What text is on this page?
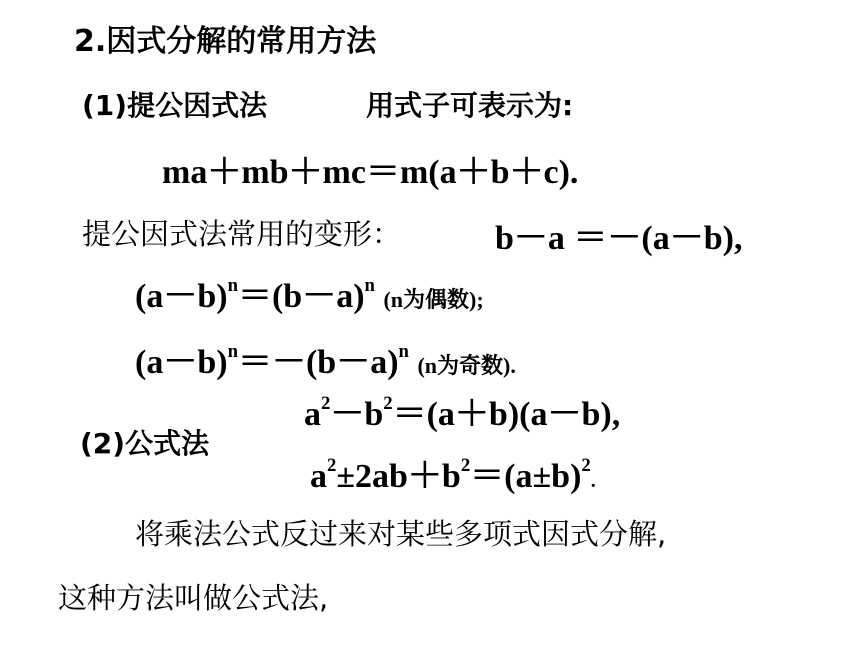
2.因式分解的常用方法
(1)提公因式法	用式子可表示为:
ma＋mb＋mc＝m(a＋b＋c).
提公因式法常用的变形：	b－a ＝－(a－b),
$(a-b)^n=(b-a)^n$ (n为偶数);
$(a-b)^n=-(b-a)^n$ (n为奇数).
$a^2-b^2=(a+b)(a-b)$,
(2)公式法
$a^2\pm 2ab+b^2=(a\pm b)^2$.
将乘法公式反过来对某些多项式因式分解,
这种方法叫做公式法,
